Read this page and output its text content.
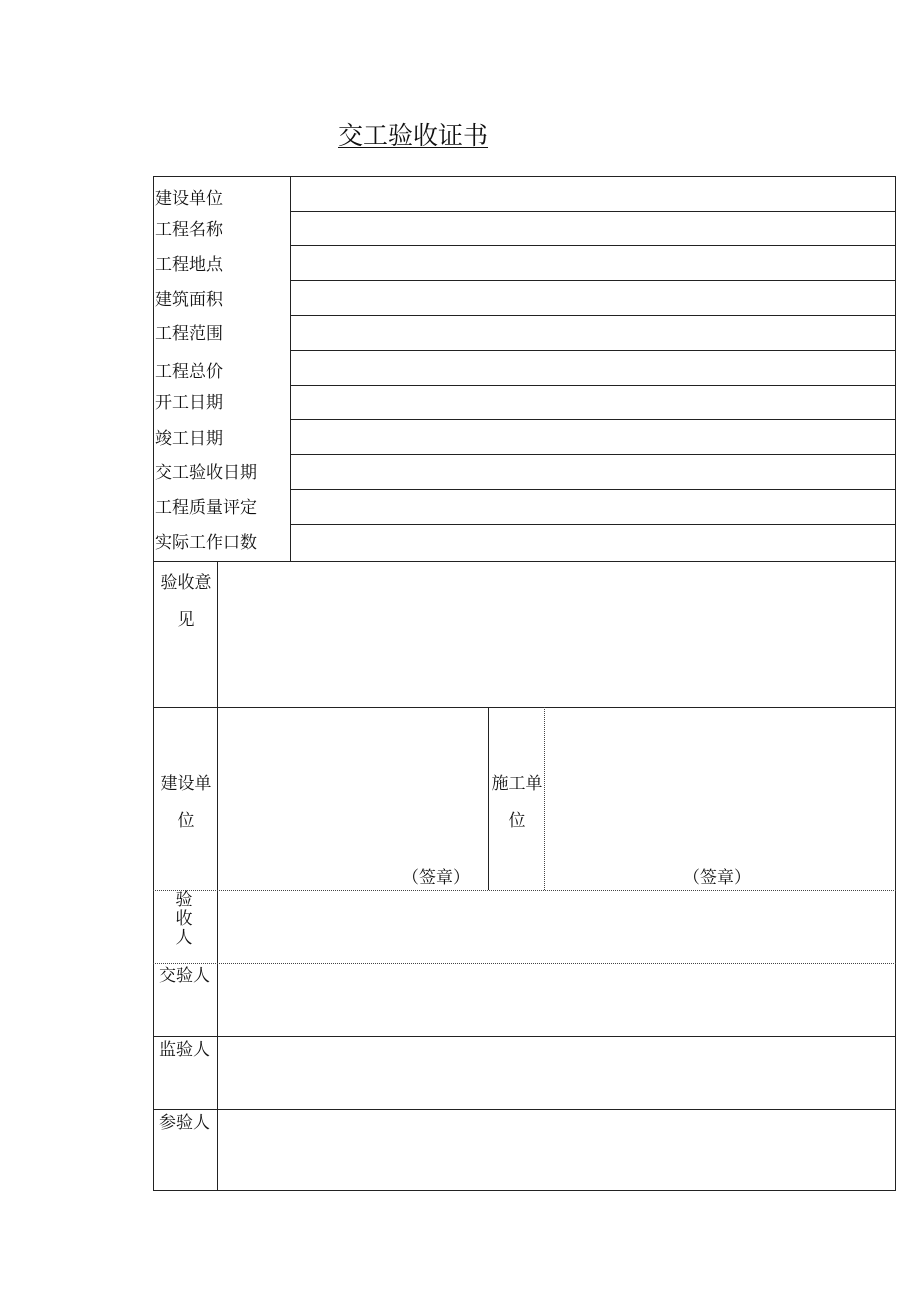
交工验收证书
建设单位
工程名称
工程地点
建筑面积
工程范围
工程总价
开工日期
竣工日期
交工验收日期
工程质量评定
实际工作口数
验收意见
建设单位
（签章）
施工单位
（签章）
验收人
交验人
监验人
参验人
